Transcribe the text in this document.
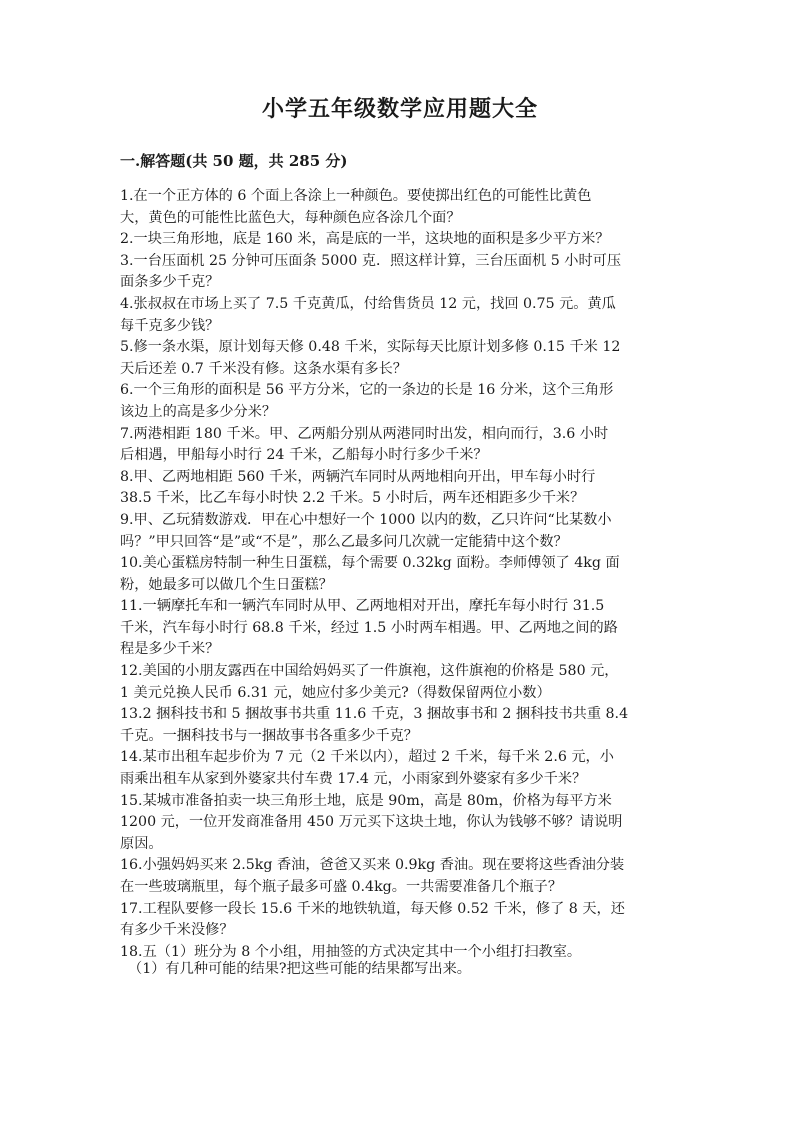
小学五年级数学应用题大全
一.解答题(共 50 题，共 285 分)
1.在一个正方体的 6 个面上各涂上一种颜色。要使掷出红色的可能性比黄色
大，黄色的可能性比蓝色大，每种颜色应各涂几个面？
2.一块三角形地，底是 160 米，高是底的一半，这块地的面积是多少平方米？
3.一台压面机 25 分钟可压面条 5000 克．照这样计算，三台压面机 5 小时可压
面条多少千克？
4.张叔叔在市场上买了 7.5 千克黄瓜，付给售货员 12 元，找回 0.75 元。黄瓜
每千克多少钱？
5.修一条水渠，原计划每天修 0.48 千米，实际每天比原计划多修 0.15 千米 12
天后还差 0.7 千米没有修。这条水渠有多长？
6.一个三角形的面积是 56 平方分米，它的一条边的长是 16 分米，这个三角形
该边上的高是多少分米？
7.两港相距 180 千米。甲、乙两船分别从两港同时出发，相向而行，3.6 小时
后相遇，甲船每小时行 24 千米，乙船每小时行多少千米？
8.甲、乙两地相距 560 千米，两辆汽车同时从两地相向开出，甲车每小时行
38.5 千米，比乙车每小时快 2.2 千米。5 小时后，两车还相距多少千米？
9.甲、乙玩猜数游戏．甲在心中想好一个 1000 以内的数，乙只许问“比某数小
吗？”甲只回答“是”或“不是”，那么乙最多问几次就一定能猜中这个数？
10.美心蛋糕房特制一种生日蛋糕，每个需要 0.32kg 面粉。李师傅领了 4kg 面
粉，她最多可以做几个生日蛋糕？
11.一辆摩托车和一辆汽车同时从甲、乙两地相对开出，摩托车每小时行 31.5
千米，汽车每小时行 68.8 千米，经过 1.5 小时两车相遇。甲、乙两地之间的路
程是多少千米？
12.美国的小朋友露西在中国给妈妈买了一件旗袍，这件旗袍的价格是 580 元，
1 美元兑换人民币 6.31 元，她应付多少美元?（得数保留两位小数）
13.2 捆科技书和 5 捆故事书共重 11.6 千克，3 捆故事书和 2 捆科技书共重 8.4
千克。一捆科技书与一捆故事书各重多少千克？
14.某市出租车起步价为 7 元（2 千米以内），超过 2 千米，每千米 2.6 元，小
雨乘出租车从家到外婆家共付车费 17.4 元，小雨家到外婆家有多少千米？
15.某城市准备拍卖一块三角形土地，底是 90m，高是 80m，价格为每平方米
1200 元，一位开发商准备用 450 万元买下这块土地，你认为钱够不够？请说明
原因。
16.小强妈妈买来 2.5kg 香油，爸爸又买来 0.9kg 香油。现在要将这些香油分装
在一些玻璃瓶里，每个瓶子最多可盛 0.4kg。一共需要准备几个瓶子？
17.工程队要修一段长 15.6 千米的地铁轨道，每天修 0.52 千米，修了 8 天，还
有多少千米没修？
18.五（1）班分为 8 个小组，用抽签的方式决定其中一个小组打扫教室。
（1）有几种可能的结果?把这些可能的结果都写出来。
